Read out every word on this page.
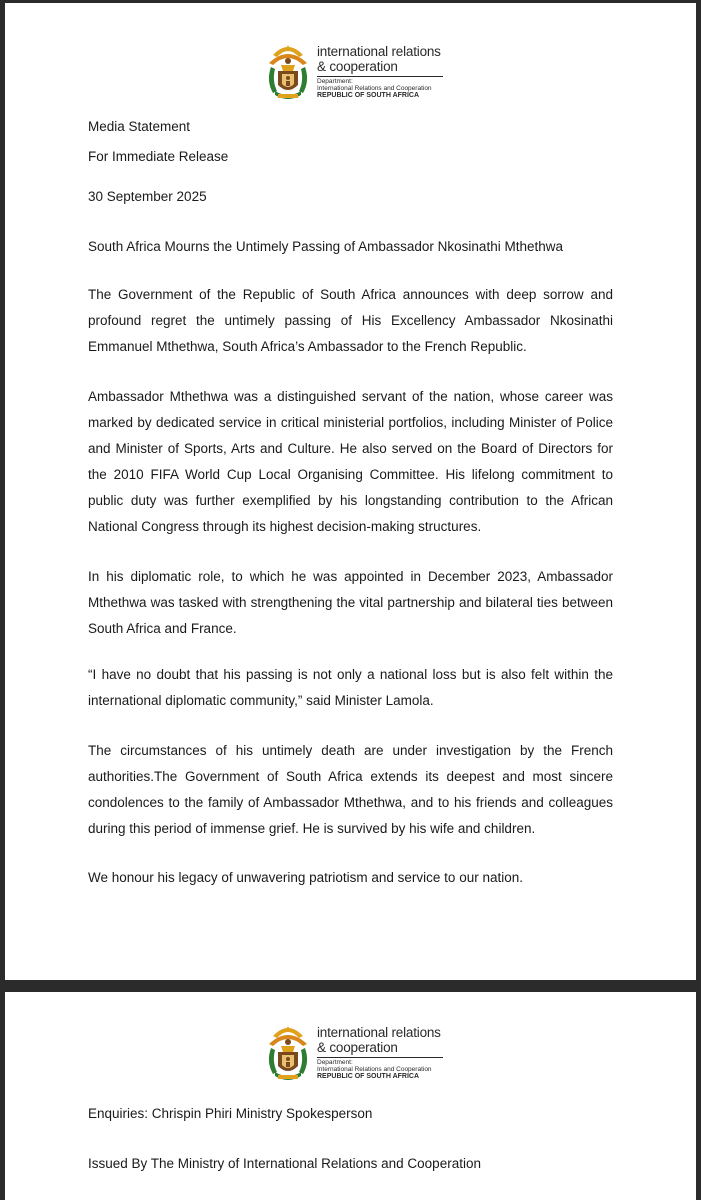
international relations
& cooperation
Department:
International Relations and Cooperation
REPUBLIC OF SOUTH AFRICA
Media Statement
For Immediate Release
30 September 2025
South Africa Mourns the Untimely Passing of Ambassador Nkosinathi Mthethwa

The Government of the Republic of South Africa announces with deep sorrow and profound regret the untimely passing of His Excellency Ambassador Nkosinathi Emmanuel Mthethwa, South Africa’s Ambassador to the French Republic.

Ambassador Mthethwa was a distinguished servant of the nation, whose career was marked by dedicated service in critical ministerial portfolios, including Minister of Police and Minister of Sports, Arts and Culture. He also served on the Board of Directors for the 2010 FIFA World Cup Local Organising Committee. His lifelong commitment to public duty was further exemplified by his longstanding contribution to the African National Congress through its highest decision-making structures.

In his diplomatic role, to which he was appointed in December 2023, Ambassador Mthethwa was tasked with strengthening the vital partnership and bilateral ties between South Africa and France.

“I have no doubt that his passing is not only a national loss but is also felt within the international diplomatic community,” said Minister Lamola.

The circumstances of his untimely death are under investigation by the French authorities.The Government of South Africa extends its deepest and most sincere condolences to the family of Ambassador Mthethwa, and to his friends and colleagues during this period of immense grief. He is survived by his wife and children.

We honour his legacy of unwavering patriotism and service to our nation.

international relations
& cooperation
Department:
International Relations and Cooperation
REPUBLIC OF SOUTH AFRICA
Enquiries: Chrispin Phiri Ministry Spokesperson
Issued By The Ministry of International Relations and Cooperation
